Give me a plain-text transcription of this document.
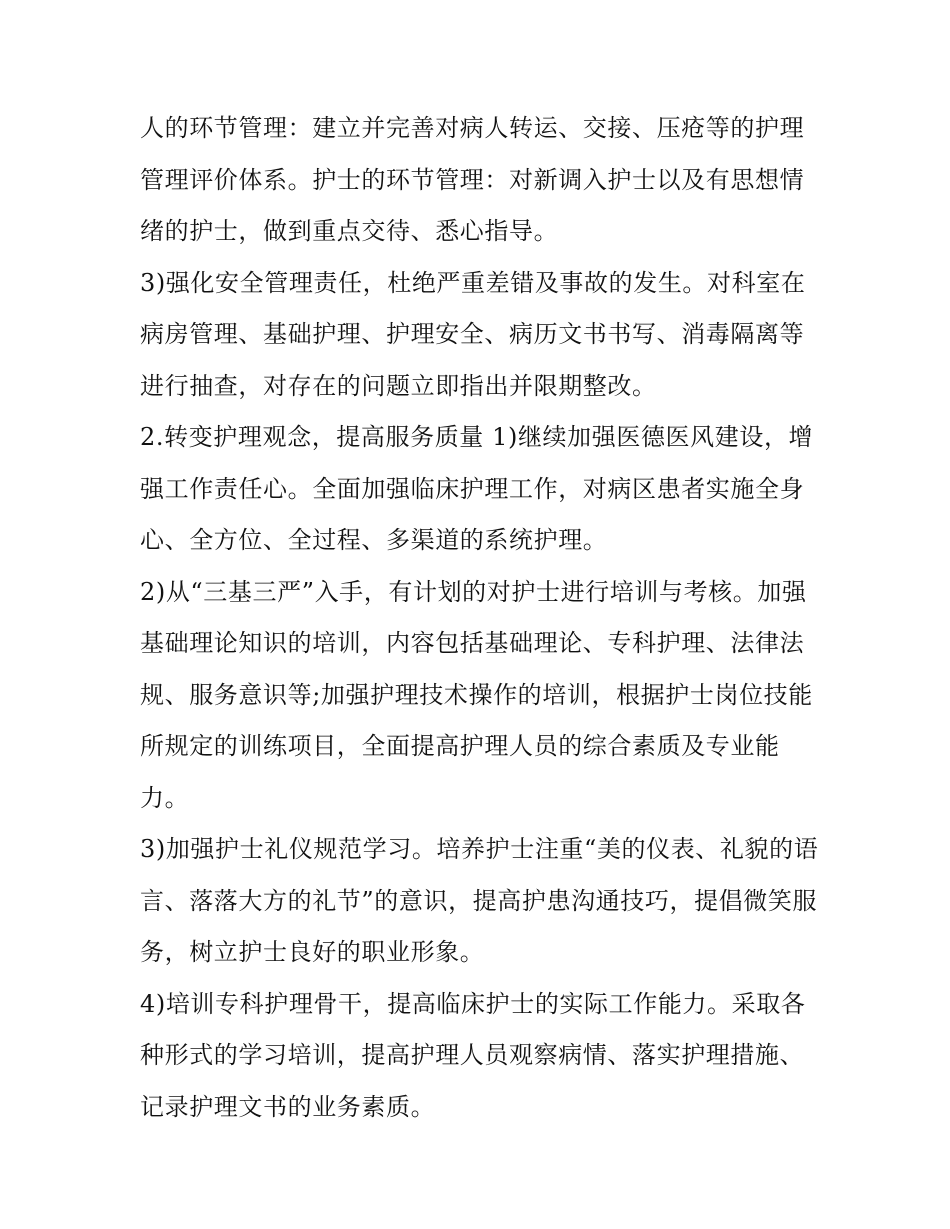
人的环节管理：建立并完善对病人转运、交接、压疮等的护理管理评价体系。护士的环节管理：对新调入护士以及有思想情绪的护士，做到重点交待、悉心指导。

3)强化安全管理责任，杜绝严重差错及事故的发生。对科室在病房管理、基础护理、护理安全、病历文书书写、消毒隔离等进行抽查，对存在的问题立即指出并限期整改。

2.转变护理观念，提高服务质量 1)继续加强医德医风建设，增强工作责任心。全面加强临床护理工作，对病区患者实施全身心、全方位、全过程、多渠道的系统护理。

2)从“三基三严”入手，有计划的对护士进行培训与考核。加强基础理论知识的培训，内容包括基础理论、专科护理、法律法规、服务意识等;加强护理技术操作的培训，根据护士岗位技能所规定的训练项目，全面提高护理人员的综合素质及专业能力。

3)加强护士礼仪规范学习。培养护士注重“美的仪表、礼貌的语言、落落大方的礼节”的意识，提高护患沟通技巧，提倡微笑服务，树立护士良好的职业形象。

4)培训专科护理骨干，提高临床护士的实际工作能力。采取各种形式的学习培训，提高护理人员观察病情、落实护理措施、记录护理文书的业务素质。
